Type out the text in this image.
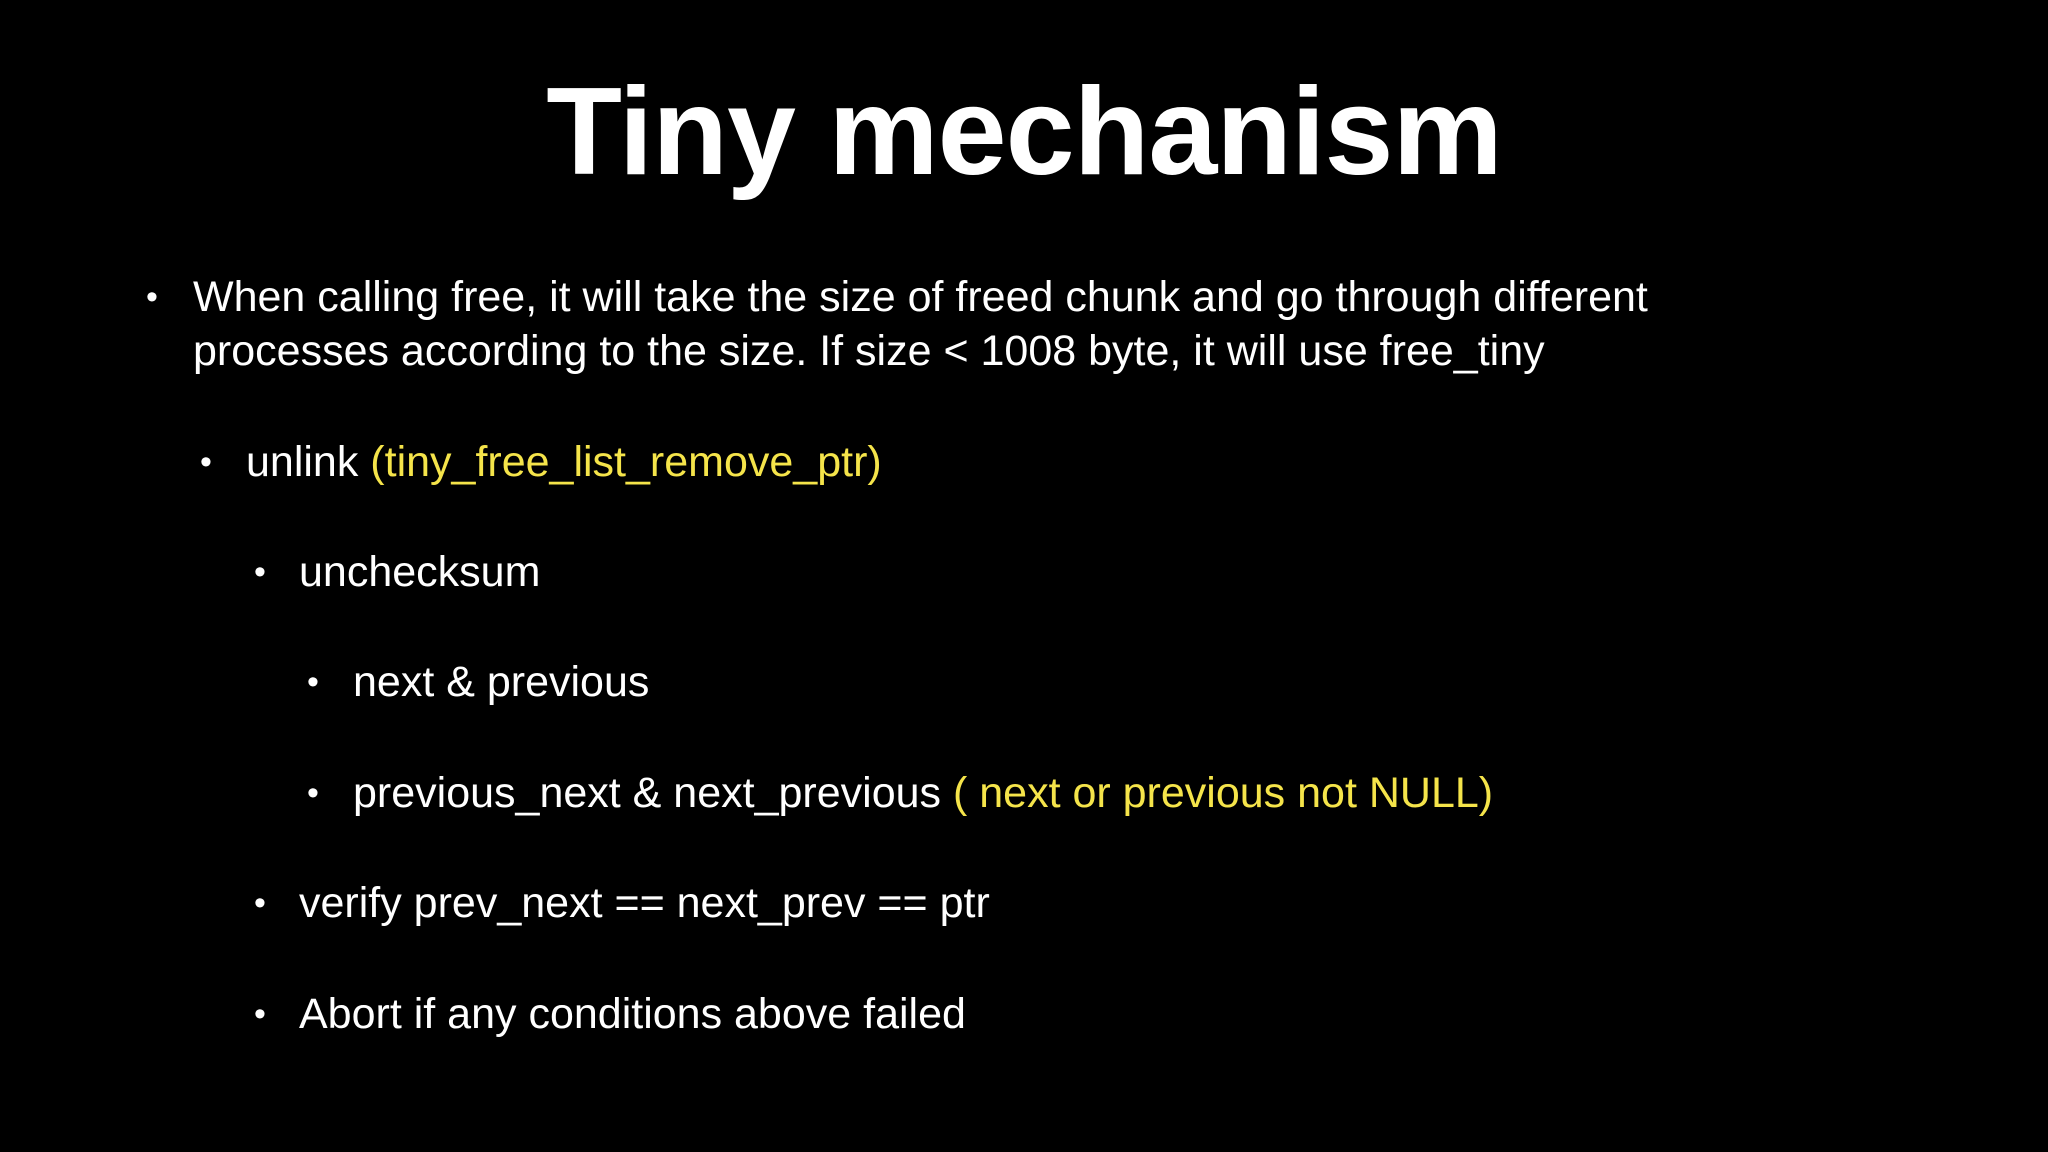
Tiny mechanism
• When calling free, it will take the size of freed chunk and go through different
processes according to the size. If size < 1008 byte, it will use free_tiny
• unlink (tiny_free_list_remove_ptr)
• unchecksum
• next & previous
• previous_next & next_previous ( next or previous not NULL)
• verify prev_next == next_prev == ptr
• Abort if any conditions above failed
